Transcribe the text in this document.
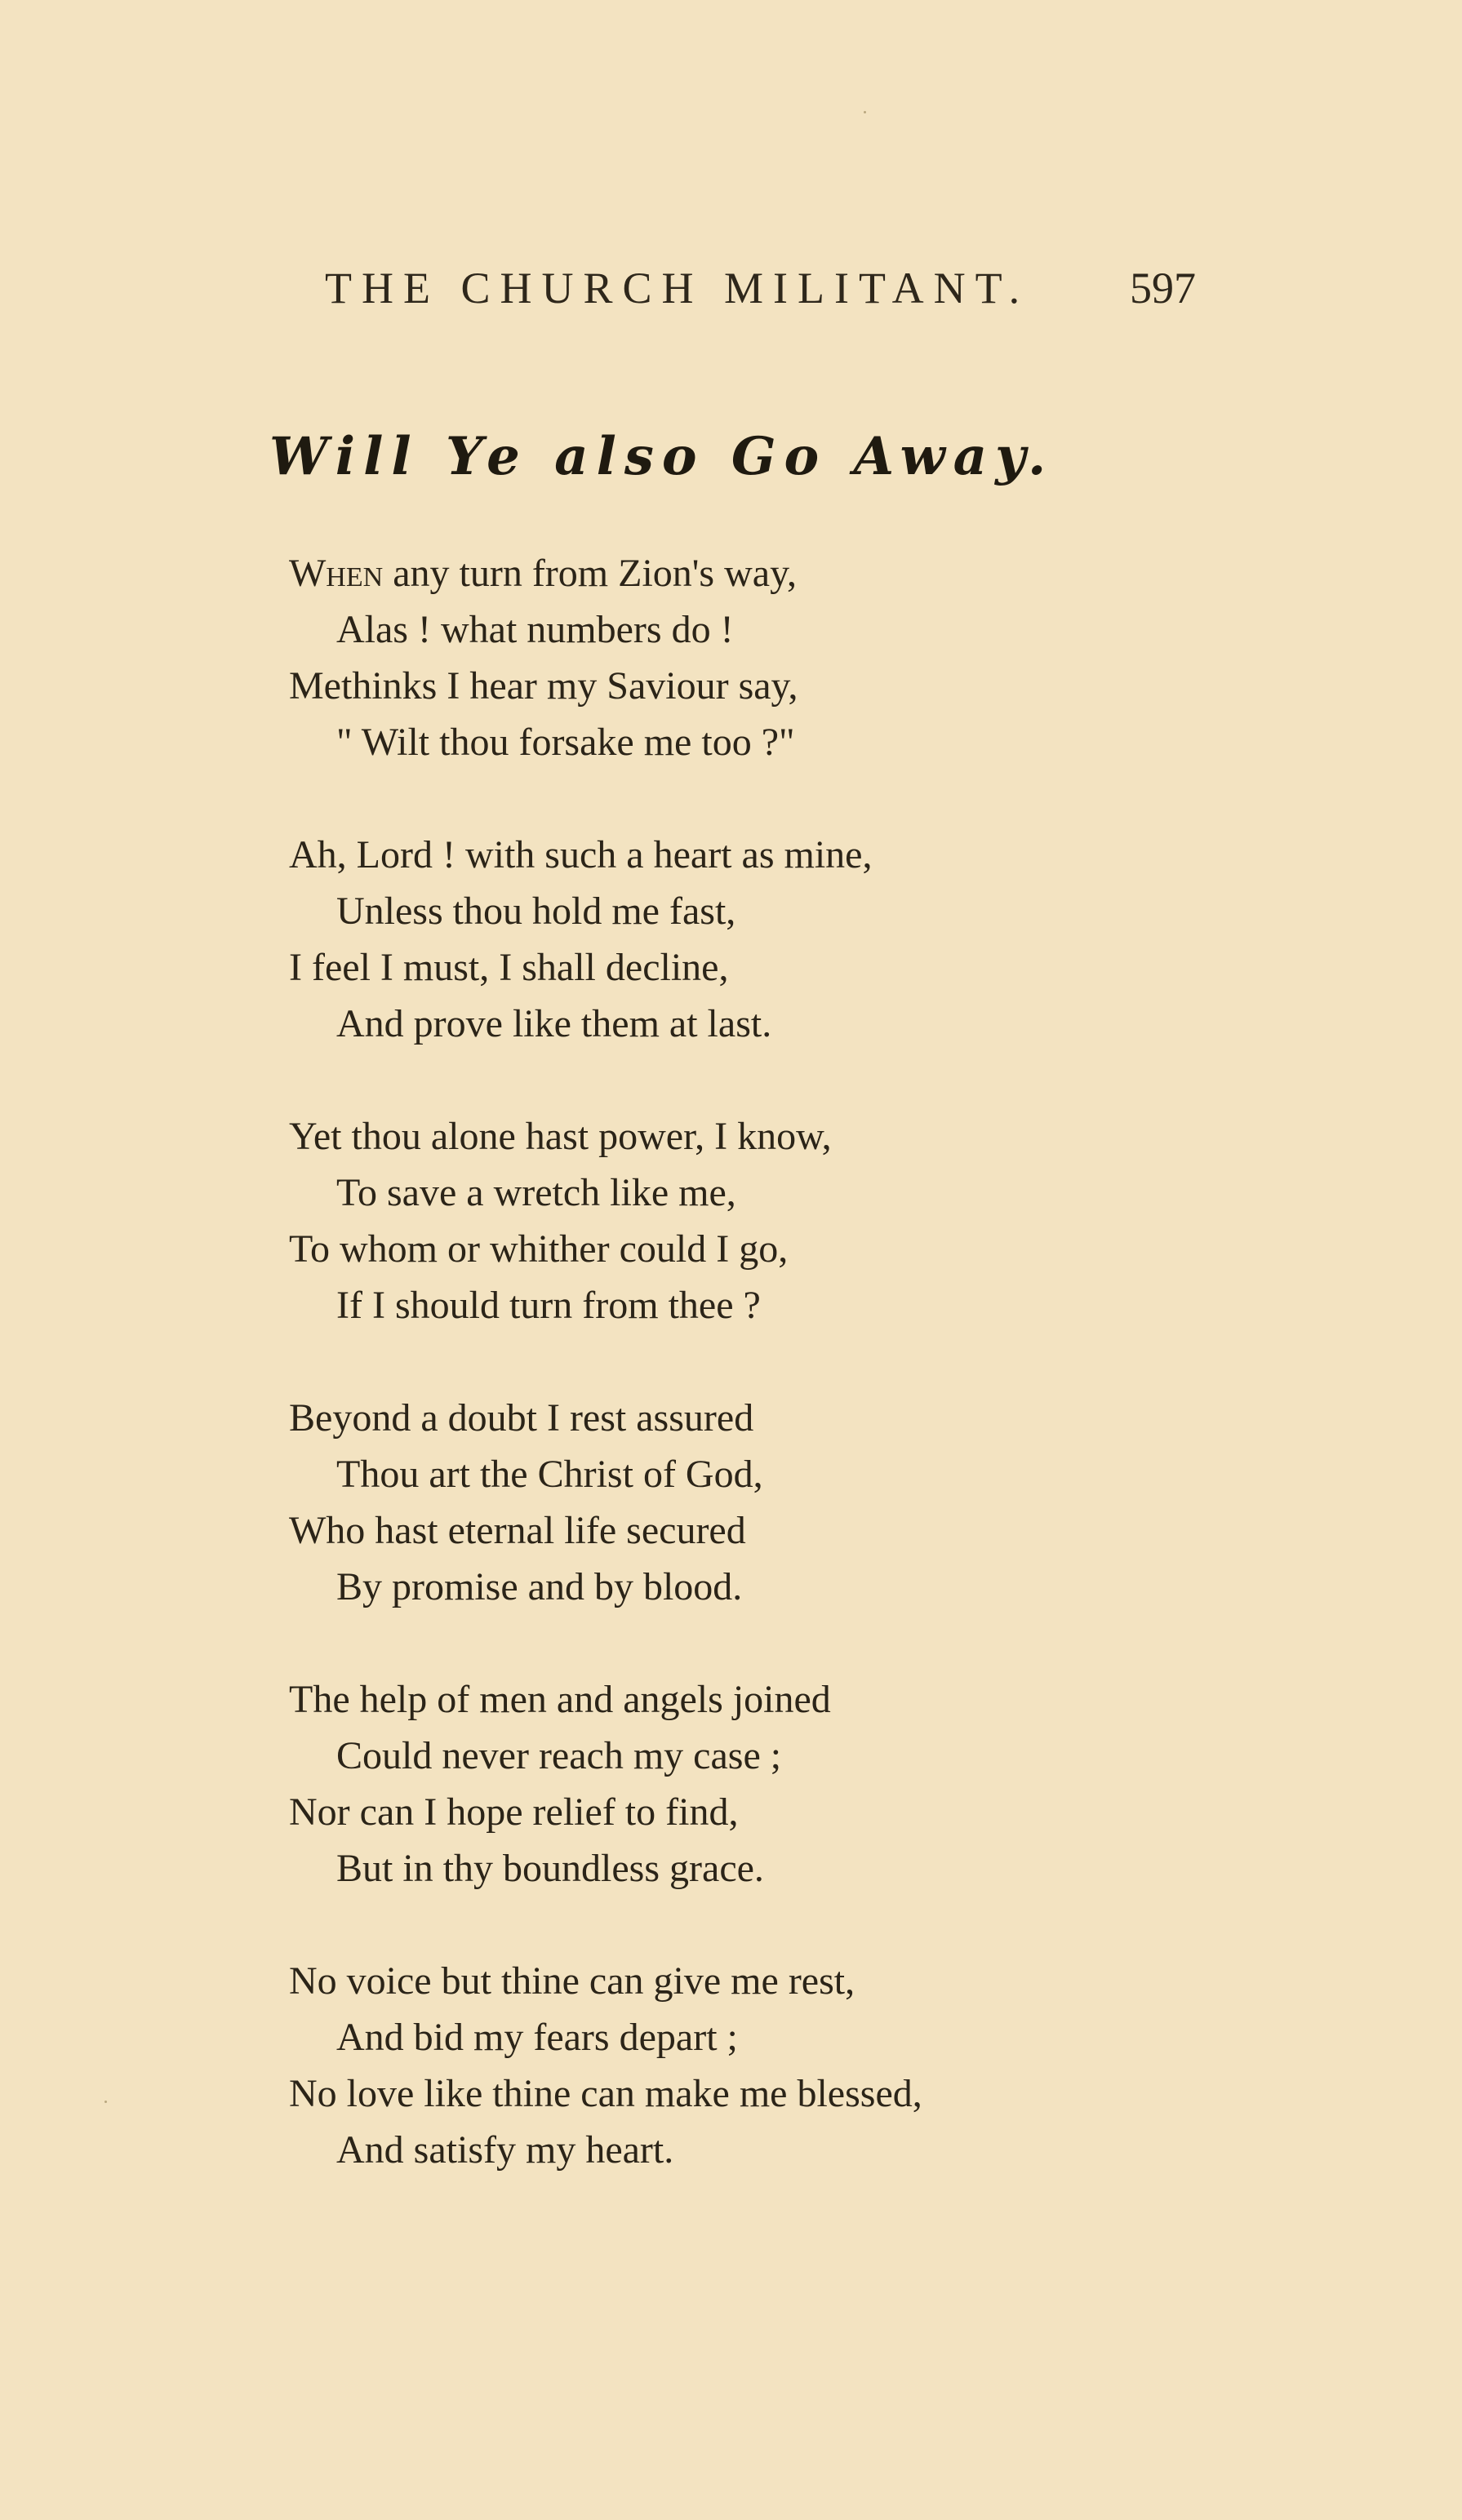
THE CHURCH MILITANT. 597
Will Ye also Go Away.
When any turn from Zion's way,
Alas ! what numbers do !
Methinks I hear my Saviour say,
" Wilt thou forsake me too ?"
Ah, Lord ! with such a heart as mine,
Unless thou hold me fast,
I feel I must, I shall decline,
And prove like them at last.
Yet thou alone hast power, I know,
To save a wretch like me,
To whom or whither could I go,
If I should turn from thee ?
Beyond a doubt I rest assured
Thou art the Christ of God,
Who hast eternal life secured
By promise and by blood.
The help of men and angels joined
Could never reach my case ;
Nor can I hope relief to find,
But in thy boundless grace.
No voice but thine can give me rest,
And bid my fears depart ;
No love like thine can make me blessed,
And satisfy my heart.
